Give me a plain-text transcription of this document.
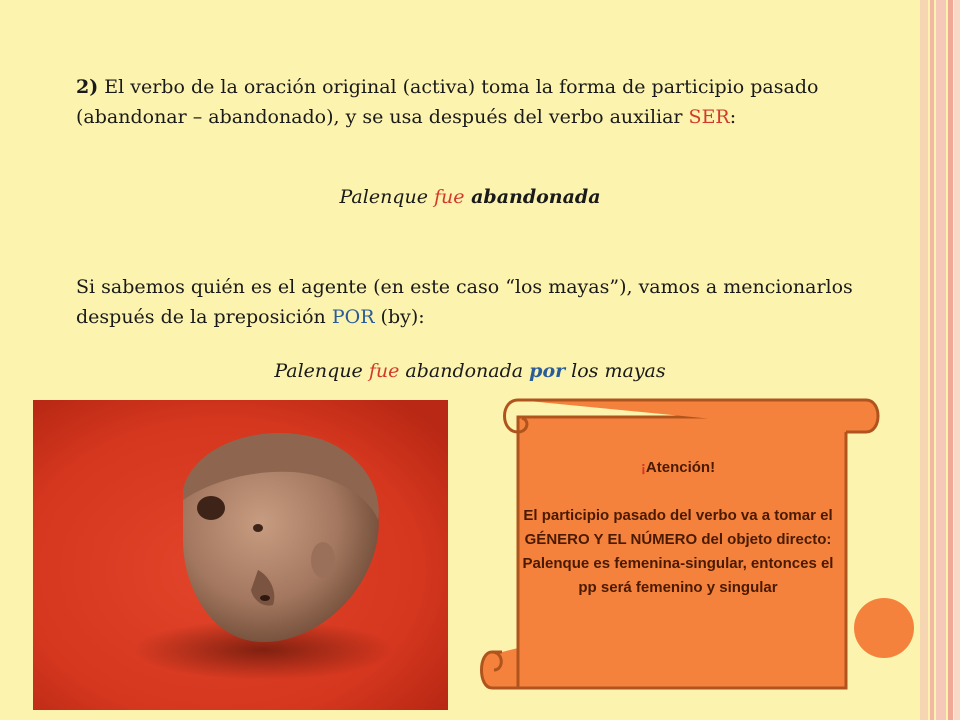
2) El verbo de la oración original (activa) toma la forma de participio pasado (abandonar – abandonado), y se usa después del verbo auxiliar SER:
Palenque fue abandonada
Si sabemos quién es el agente (en este caso “los mayas”), vamos a mencionarlos después de la preposición POR (by):
Palenque fue abandonada por los mayas
¡Atención!
El participio pasado del verbo va a tomar el GÉNERO Y EL NÚMERO del objeto directo:
Palenque es femenina-singular, entonces el pp será femenino y singular
